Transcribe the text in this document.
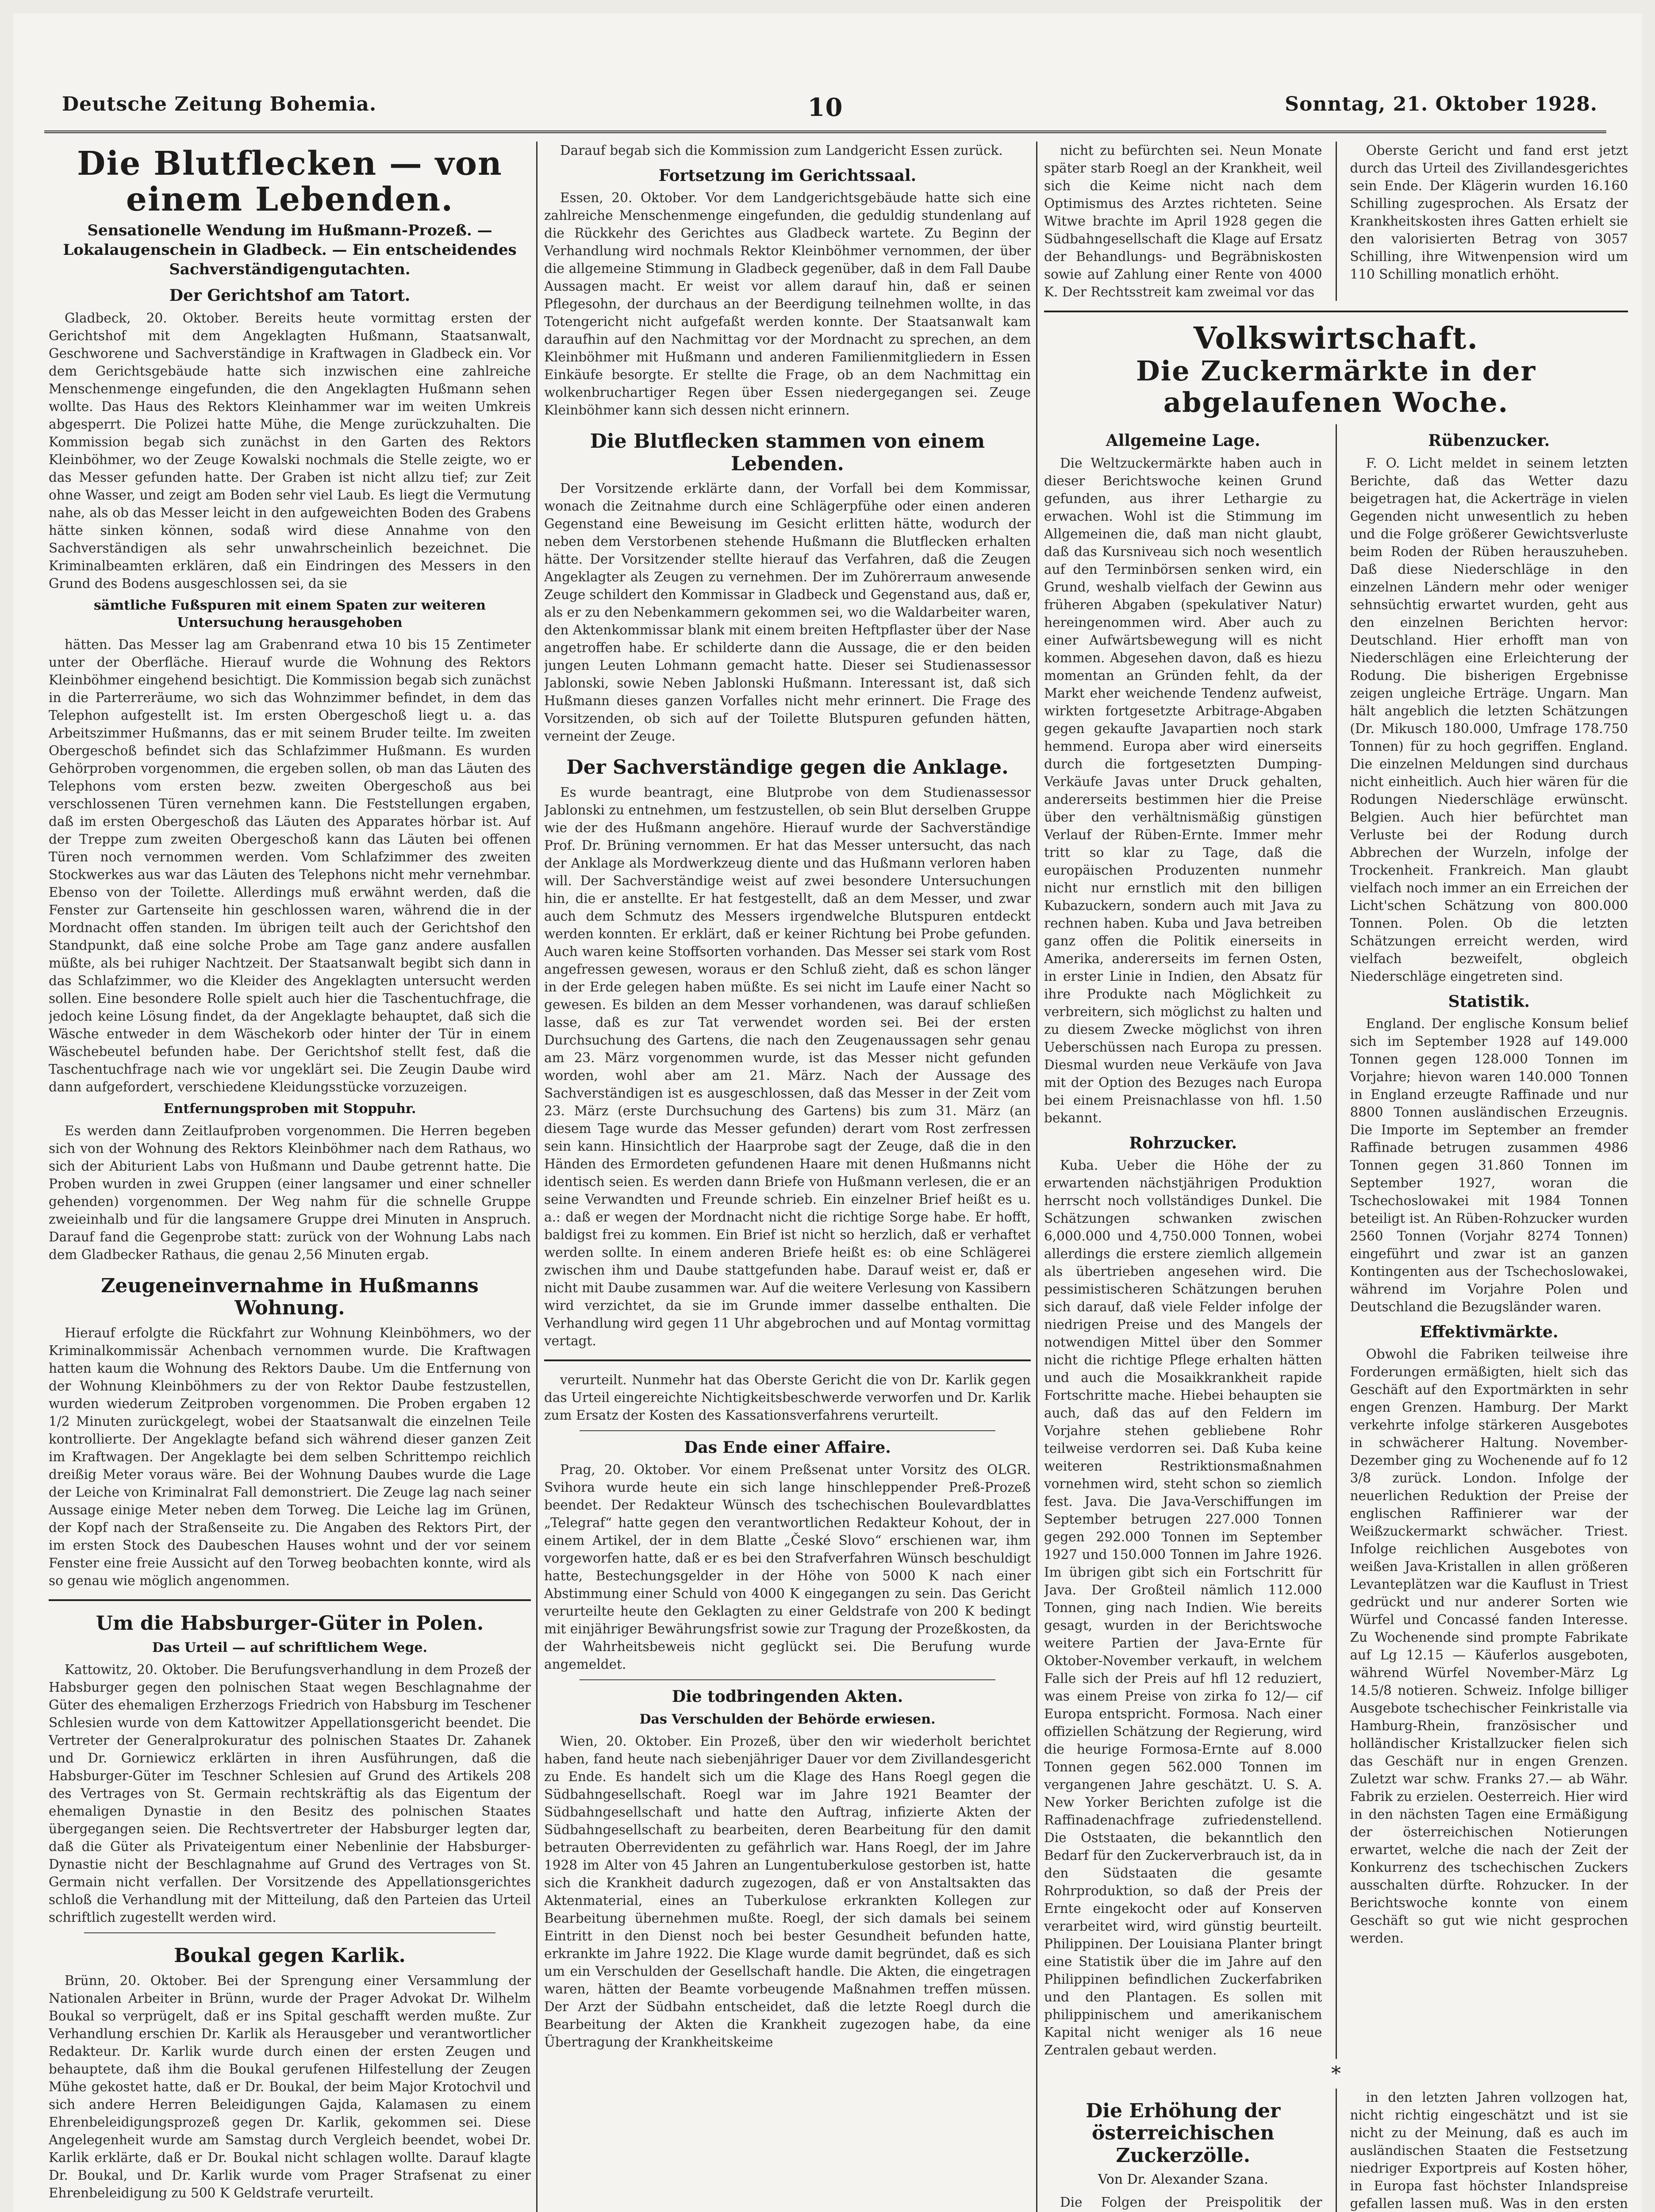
Deutsche Zeitung Bohemia.	10	Sonntag, 21. Oktober 1928.
Die Blutflecken — von einem Lebenden.
Sensationelle Wendung im Hußmann-Prozeß. — Lokalaugenschein in Gladbeck. — Ein entscheidendes Sachverständigengutachten.
Der Gerichtshof am Tatort.

Gladbeck, 20. Oktober. Bereits heute vormittag ersten der Gerichtshof mit dem Angeklagten Hußmann, Staatsanwalt, Geschworene und Sachverständige in Kraftwagen in Gladbeck ein. Vor dem Gerichtsgebäude hatte sich inzwischen eine zahlreiche Menschenmenge eingefunden, die den Angeklagten Hußmann sehen wollte. Das Haus des Rektors Kleinhammer war im weiten Umkreis abgesperrt. Die Polizei hatte Mühe, die Menge zurückzuhalten. Die Kommission begab sich zunächst in den Garten des Rektors Kleinböhmer, wo der Zeuge Kowalski nochmals die Stelle zeigte, wo er das Messer gefunden hatte. Der Graben ist nicht allzu tief; zur Zeit ohne Wasser, und zeigt am Boden sehr viel Laub. Es liegt die Vermutung nahe, als ob das Messer leicht in den aufgeweichten Boden des Grabens hätte sinken können, sodaß wird diese Annahme von den Sachverständigen als sehr unwahrscheinlich bezeichnet. Die Kriminalbeamten erklären, daß ein Eindringen des Messers in den Grund des Bodens ausgeschlossen sei, da sie

sämtliche Fußspuren mit einem Spaten zur weiteren Untersuchung herausgehoben

hätten. Das Messer lag am Grabenrand etwa 10 bis 15 Zentimeter unter der Oberfläche. Hierauf wurde die Wohnung des Rektors Kleinböhmer eingehend besichtigt. Die Kommission begab sich zunächst in die Parterreräume, wo sich das Wohnzimmer befindet, in dem das Telephon aufgestellt ist. Im ersten Obergeschoß liegt u. a. das Arbeitszimmer Hußmanns, das er mit seinem Bruder teilte. Im zweiten Obergeschoß befindet sich das Schlafzimmer Hußmann. Es wurden Gehörproben vorgenommen, die ergeben sollen, ob man das Läuten des Telephons vom ersten bezw. zweiten Obergeschoß aus bei verschlossenen Türen vernehmen kann. Die Feststellungen ergaben, daß im ersten Obergeschoß das Läuten des Apparates hörbar ist. Auf der Treppe zum zweiten Obergeschoß kann das Läuten bei offenen Türen noch vernommen werden. Vom Schlafzimmer des zweiten Stockwerkes aus war das Läuten des Telephons nicht mehr vernehmbar. Ebenso von der Toilette. Allerdings muß erwähnt werden, daß die Fenster zur Gartenseite hin geschlossen waren, während die in der Mordnacht offen standen. Im übrigen teilt auch der Gerichtshof den Standpunkt, daß eine solche Probe am Tage ganz andere ausfallen müßte, als bei ruhiger Nachtzeit. Der Staatsanwalt begibt sich dann in das Schlafzimmer, wo die Kleider des Angeklagten untersucht werden sollen. Eine besondere Rolle spielt auch hier die Taschentuchfrage, die jedoch keine Lösung findet, da der Angeklagte behauptet, daß sich die Wäsche entweder in dem Wäschekorb oder hinter der Tür in einem Wäschebeutel befunden habe. Der Gerichtshof stellt fest, daß die Taschentuchfrage nach wie vor ungeklärt sei. Die Zeugin Daube wird dann aufgefordert, verschiedene Kleidungsstücke vorzuzeigen.

Entfernungsproben mit Stoppuhr.

Es werden dann Zeitlaufproben vorgenommen. Die Herren begeben sich von der Wohnung des Rektors Kleinböhmer nach dem Rathaus, wo sich der Abiturient Labs von Hußmann und Daube getrennt hatte. Die Proben wurden in zwei Gruppen (einer langsamer und einer schneller gehenden) vorgenommen. Der Weg nahm für die schnelle Gruppe zweieinhalb und für die langsamere Gruppe drei Minuten in Anspruch. Darauf fand die Gegenprobe statt: zurück von der Wohnung Labs nach dem Gladbecker Rathaus, die genau 2,56 Minuten ergab.

Zeugeneinvernahme in Hußmanns Wohnung.

Hierauf erfolgte die Rückfahrt zur Wohnung Kleinböhmers, wo der Kriminalkommissär Achenbach vernommen wurde. Die Kraftwagen hatten kaum die Wohnung des Rektors Daube. Um die Entfernung von der Wohnung Kleinböhmers zu der von Rektor Daube festzustellen, wurden wiederum Zeitproben vorgenommen. Die Proben ergaben 12 1/2 Minuten zurückgelegt, wobei der Staatsanwalt die einzelnen Teile kontrollierte. Der Angeklagte befand sich während dieser ganzen Zeit im Kraftwagen. Der Angeklagte bei dem selben Schrittempo reichlich dreißig Meter voraus wäre. Bei der Wohnung Daubes wurde die Lage der Leiche von Kriminalrat Fall demonstriert. Die Zeuge lag nach seiner Aussage einige Meter neben dem Torweg. Die Leiche lag im Grünen, der Kopf nach der Straßenseite zu. Die Angaben des Rektors Pirt, der im ersten Stock des Daubeschen Hauses wohnt und der vor seinem Fenster eine freie Aussicht auf den Torweg beobachten konnte, wird als so genau wie möglich angenommen.

Um die Habsburger-Güter in Polen.
Das Urteil — auf schriftlichem Wege.

Kattowitz, 20. Oktober. Die Berufungsverhandlung in dem Prozeß der Habsburger gegen den polnischen Staat wegen Beschlagnahme der Güter des ehemaligen Erzherzogs Friedrich von Habsburg im Teschener Schlesien wurde von dem Kattowitzer Appellationsgericht beendet. Die Vertreter der Generalprokuratur des polnischen Staates Dr. Zahanek und Dr. Gorniewicz erklärten in ihren Ausführungen, daß die Habsburger-Güter im Teschner Schlesien auf Grund des Artikels 208 des Vertrages von St. Germain rechtskräftig als das Eigentum der ehemaligen Dynastie in den Besitz des polnischen Staates übergegangen seien. Die Rechtsvertreter der Habsburger legten dar, daß die Güter als Privateigentum einer Nebenlinie der Habsburger-Dynastie nicht der Beschlagnahme auf Grund des Vertrages von St. Germain nicht verfallen. Der Vorsitzende des Appellationsgerichtes schloß die Verhandlung mit der Mitteilung, daß den Parteien das Urteil schriftlich zugestellt werden wird.

Boukal gegen Karlik.

Brünn, 20. Oktober. Bei der Sprengung einer Versammlung der Nationalen Arbeiter in Brünn, wurde der Prager Advokat Dr. Wilhelm Boukal so verprügelt, daß er ins Spital geschafft werden mußte. Zur Verhandlung erschien Dr. Karlik als Herausgeber und verantwortlicher Redakteur. Dr. Karlik wurde durch einen der ersten Zeugen und behauptete, daß ihm die Boukal gerufenen Hilfestellung der Zeugen Mühe gekostet hatte, daß er Dr. Boukal, der beim Major Krotochvil und sich andere Herren Beleidigungen Gajda, Kalamasen zu einem Ehrenbeleidigungsprozeß gegen Dr. Karlik, gekommen sei. Diese Angelegenheit wurde am Samstag durch Vergleich beendet, wobei Dr. Karlik erklärte, daß er Dr. Boukal nicht schlagen wollte. Darauf klagte Dr. Boukal, und Dr. Karlik wurde vom Prager Strafsenat zu einer Ehrenbeleidigung zu 500 K Geldstrafe verurteilt.

Darauf begab sich die Kommission zum Landgericht Essen zurück.

Fortsetzung im Gerichtssaal.

Essen, 20. Oktober. Vor dem Landgerichtsgebäude hatte sich eine zahlreiche Menschenmenge eingefunden, die geduldig stundenlang auf die Rückkehr des Gerichtes aus Gladbeck wartete. Zu Beginn der Verhandlung wird nochmals Rektor Kleinböhmer vernommen, der über die allgemeine Stimmung in Gladbeck gegenüber, daß in dem Fall Daube Aussagen macht. Er weist vor allem darauf hin, daß er seinen Pflegesohn, der durchaus an der Beerdigung teilnehmen wollte, in das Totengericht nicht aufgefaßt werden konnte. Der Staatsanwalt kam daraufhin auf den Nachmittag vor der Mordnacht zu sprechen, an dem Kleinböhmer mit Hußmann und anderen Familienmitgliedern in Essen Einkäufe besorgte. Er stellte die Frage, ob an dem Nachmittag ein wolkenbruchartiger Regen über Essen niedergegangen sei. Zeuge Kleinböhmer kann sich dessen nicht erinnern.

Die Blutflecken stammen von einem Lebenden.

Der Vorsitzende erklärte dann, der Vorfall bei dem Kommissar, wonach die Zeitnahme durch eine Schlägerpfühe oder einen anderen Gegenstand eine Beweisung im Gesicht erlitten hätte, wodurch der neben dem Verstorbenen stehende Hußmann die Blutflecken erhalten hätte. Der Vorsitzender stellte hierauf das Verfahren, daß die Zeugen Angeklagter als Zeugen zu vernehmen. Der im Zuhörerraum anwesende Zeuge schildert den Kommissar in Gladbeck und Gegenstand aus, daß er, als er zu den Nebenkammern gekommen sei, wo die Waldarbeiter waren, den Aktenkommissar blank mit einem breiten Heftpflaster über der Nase angetroffen habe. Er schilderte dann die Aussage, die er den beiden jungen Leuten Lohmann gemacht hatte. Dieser sei Studienassessor Jablonski, sowie Neben Jablonski Hußmann. Interessant ist, daß sich Hußmann dieses ganzen Vorfalles nicht mehr erinnert. Die Frage des Vorsitzenden, ob sich auf der Toilette Blutspuren gefunden hätten, verneint der Zeuge.

Der Sachverständige gegen die Anklage.

Es wurde beantragt, eine Blutprobe von dem Studienassessor Jablonski zu entnehmen, um festzustellen, ob sein Blut derselben Gruppe wie der des Hußmann angehöre. Hierauf wurde der Sachverständige Prof. Dr. Brüning vernommen. Er hat das Messer untersucht, das nach der Anklage als Mordwerkzeug diente und das Hußmann verloren haben will. Der Sachverständige weist auf zwei besondere Untersuchungen hin, die er anstellte. Er hat festgestellt, daß an dem Messer, und zwar auch dem Schmutz des Messers irgendwelche Blutspuren entdeckt werden konnten. Er erklärt, daß er keiner Richtung bei Probe gefunden. Auch waren keine Stoffsorten vorhanden. Das Messer sei stark vom Rost angefressen gewesen, woraus er den Schluß zieht, daß es schon länger in der Erde gelegen haben müßte. Es sei nicht im Laufe einer Nacht so gewesen. Es bilden an dem Messer vorhandenen, was darauf schließen lasse, daß es zur Tat verwendet worden sei. Bei der ersten Durchsuchung des Gartens, die nach den Zeugenaussagen sehr genau am 23. März vorgenommen wurde, ist das Messer nicht gefunden worden, wohl aber am 21. März. Nach der Aussage des Sachverständigen ist es ausgeschlossen, daß das Messer in der Zeit vom 23. März (erste Durchsuchung des Gartens) bis zum 31. März (an diesem Tage wurde das Messer gefunden) derart vom Rost zerfressen sein kann. Hinsichtlich der Haarprobe sagt der Zeuge, daß die in den Händen des Ermordeten gefundenen Haare mit denen Hußmanns nicht identisch seien. Es werden dann Briefe von Hußmann verlesen, die er an seine Verwandten und Freunde schrieb. Ein einzelner Brief heißt es u. a.: daß er wegen der Mordnacht nicht die richtige Sorge habe. Er hofft, baldigst frei zu kommen. Ein Brief ist nicht so herzlich, daß er verhaftet werden sollte. In einem anderen Briefe heißt es: ob eine Schlägerei zwischen ihm und Daube stattgefunden habe. Darauf weist er, daß er nicht mit Daube zusammen war. Auf die weitere Verlesung von Kassibern wird verzichtet, da sie im Grunde immer dasselbe enthalten. Die Verhandlung wird gegen 11 Uhr abgebrochen und auf Montag vormittag vertagt.

verurteilt. Nunmehr hat das Oberste Gericht die von Dr. Karlik gegen das Urteil eingereichte Nichtigkeitsbeschwerde verworfen und Dr. Karlik zum Ersatz der Kosten des Kassationsverfahrens verurteilt.

Das Ende einer Affaire.

Prag, 20. Oktober. Vor einem Preßsenat unter Vorsitz des OLGR. Svihora wurde heute ein sich lange hinschleppender Preß-Prozeß beendet. Der Redakteur Wünsch des tschechischen Boulevardblattes „Telegraf“ hatte gegen den verantwortlichen Redakteur Kohout, der in einem Artikel, der in dem Blatte „České Slovo“ erschienen war, ihm vorgeworfen hatte, daß er es bei den Strafverfahren Wünsch beschuldigt hatte, Bestechungsgelder in der Höhe von 5000 K nach einer Abstimmung einer Schuld von 4000 K eingegangen zu sein. Das Gericht verurteilte heute den Geklagten zu einer Geldstrafe von 200 K bedingt mit einjähriger Bewährungsfrist sowie zur Tragung der Prozeßkosten, da der Wahrheitsbeweis nicht geglückt sei. Die Berufung wurde angemeldet.

Die todbringenden Akten.
Das Verschulden der Behörde erwiesen.

Wien, 20. Oktober. Ein Prozeß, über den wir wiederholt berichtet haben, fand heute nach siebenjähriger Dauer vor dem Zivillandesgericht zu Ende. Es handelt sich um die Klage des Hans Roegl gegen die Südbahngesellschaft. Roegl war im Jahre 1921 Beamter der Südbahngesellschaft und hatte den Auftrag, infizierte Akten der Südbahngesellschaft zu bearbeiten, deren Bearbeitung für den damit betrauten Oberrevidenten zu gefährlich war. Hans Roegl, der im Jahre 1928 im Alter von 45 Jahren an Lungentuberkulose gestorben ist, hatte sich die Krankheit dadurch zugezogen, daß er von Anstaltsakten das Aktenmaterial, eines an Tuberkulose erkrankten Kollegen zur Bearbeitung übernehmen mußte. Roegl, der sich damals bei seinem Eintritt in den Dienst noch bei bester Gesundheit befunden hatte, erkrankte im Jahre 1922. Die Klage wurde damit begründet, daß es sich um ein Verschulden der Gesellschaft handle. Die Akten, die eingetragen waren, hätten der Beamte vorbeugende Maßnahmen treffen müssen. Der Arzt der Südbahn entscheidet, daß die letzte Roegl durch die Bearbeitung der Akten die Krankheit zugezogen habe, da eine Übertragung der Krankheitskeime

nicht zu befürchten sei. Neun Monate später starb Roegl an der Krankheit, weil sich die Keime nicht nach dem Optimismus des Arztes richteten. Seine Witwe brachte im April 1928 gegen die Südbahngesellschaft die Klage auf Ersatz der Behandlungs- und Begräbniskosten sowie auf Zahlung einer Rente von 4000 K. Der Rechtsstreit kam zweimal vor das

Oberste Gericht und fand erst jetzt durch das Urteil des Zivillandesgerichtes sein Ende. Der Klägerin wurden 16.160 Schilling zugesprochen. Als Ersatz der Krankheitskosten ihres Gatten erhielt sie den valorisierten Betrag von 3057 Schilling, ihre Witwenpension wird um 110 Schilling monatlich erhöht.

Volkswirtschaft.
Die Zuckermärkte in der abgelaufenen Woche.
Allgemeine Lage.

Die Weltzuckermärkte haben auch in dieser Berichtswoche keinen Grund gefunden, aus ihrer Lethargie zu erwachen. Wohl ist die Stimmung im Allgemeinen die, daß man nicht glaubt, daß das Kursniveau sich noch wesentlich auf den Terminbörsen senken wird, ein Grund, weshalb vielfach der Gewinn aus früheren Abgaben (spekulativer Natur) hereingenommen wird. Aber auch zu einer Aufwärtsbewegung will es nicht kommen. Abgesehen davon, daß es hiezu momentan an Gründen fehlt, da der Markt eher weichende Tendenz aufweist, wirkten fortgesetzte Arbitrage-Abgaben gegen gekaufte Javapartien noch stark hemmend. Europa aber wird einerseits durch die fortgesetzten Dumping-Verkäufe Javas unter Druck gehalten, andererseits bestimmen hier die Preise über den verhältnismäßig günstigen Verlauf der Rüben-Ernte. Immer mehr tritt so klar zu Tage, daß die europäischen Produzenten nunmehr nicht nur ernstlich mit den billigen Kubazuckern, sondern auch mit Java zu rechnen haben. Kuba und Java betreiben ganz offen die Politik einerseits in Amerika, andererseits im fernen Osten, in erster Linie in Indien, den Absatz für ihre Produkte nach Möglichkeit zu verbreitern, sich möglichst zu halten und zu diesem Zwecke möglichst von ihren Ueberschüssen nach Europa zu pressen. Diesmal wurden neue Verkäufe von Java mit der Option des Bezuges nach Europa bei einem Preisnachlasse von hfl. 1.50 bekannt.

Rohrzucker.

Kuba. Ueber die Höhe der zu erwartenden nächstjährigen Produktion herrscht noch vollständiges Dunkel. Die Schätzungen schwanken zwischen 6,000.000 und 4,750.000 Tonnen, wobei allerdings die erstere ziemlich allgemein als übertrieben angesehen wird. Die pessimistischeren Schätzungen beruhen sich darauf, daß viele Felder infolge der niedrigen Preise und des Mangels der notwendigen Mittel über den Sommer nicht die richtige Pflege erhalten hätten und auch die Mosaikkrankheit rapide Fortschritte mache. Hiebei behaupten sie auch, daß das auf den Feldern im Vorjahre stehen gebliebene Rohr teilweise verdorren sei. Daß Kuba keine weiteren Restriktionsmaßnahmen vornehmen wird, steht schon so ziemlich fest. Java. Die Java-Verschiffungen im September betrugen 227.000 Tonnen gegen 292.000 Tonnen im September 1927 und 150.000 Tonnen im Jahre 1926. Im übrigen gibt sich ein Fortschritt für Java. Der Großteil nämlich 112.000 Tonnen, ging nach Indien. Wie bereits gesagt, wurden in der Berichtswoche weitere Partien der Java-Ernte für Oktober-November verkauft, in welchem Falle sich der Preis auf hfl 12 reduziert, was einem Preise von zirka fo 12/— cif Europa entspricht. Formosa. Nach einer offiziellen Schätzung der Regierung, wird die heurige Formosa-Ernte auf 8.000 Tonnen gegen 562.000 Tonnen im vergangenen Jahre geschätzt. U. S. A. New Yorker Berichten zufolge ist die Raffinadenachfrage zufriedenstellend. Die Oststaaten, die bekanntlich den Bedarf für den Zuckerverbrauch ist, da in den Südstaaten die gesamte Rohrproduktion, so daß der Preis der Ernte eingekocht oder auf Konserven verarbeitet wird, wird günstig beurteilt. Philippinen. Der Louisiana Planter bringt eine Statistik über die im Jahre auf den Philippinen befindlichen Zuckerfabriken und den Plantagen. Es sollen mit philippinischem und amerikanischem Kapital nicht weniger als 16 neue Zentralen gebaut werden.

Rübenzucker.

F. O. Licht meldet in seinem letzten Berichte, daß das Wetter dazu beigetragen hat, die Ackerträge in vielen Gegenden nicht unwesentlich zu heben und die Folge größerer Gewichtsverluste beim Roden der Rüben herauszuheben. Daß diese Niederschläge in den einzelnen Ländern mehr oder weniger sehnsüchtig erwartet wurden, geht aus den einzelnen Berichten hervor: Deutschland. Hier erhofft man von Niederschlägen eine Erleichterung der Rodung. Die bisherigen Ergebnisse zeigen ungleiche Erträge. Ungarn. Man hält angeblich die letzten Schätzungen (Dr. Mikusch 180.000, Umfrage 178.750 Tonnen) für zu hoch gegriffen. England. Die einzelnen Meldungen sind durchaus nicht einheitlich. Auch hier wären für die Rodungen Niederschläge erwünscht. Belgien. Auch hier befürchtet man Verluste bei der Rodung durch Abbrechen der Wurzeln, infolge der Trockenheit. Frankreich. Man glaubt vielfach noch immer an ein Erreichen der Licht'schen Schätzung von 800.000 Tonnen. Polen. Ob die letzten Schätzungen erreicht werden, wird vielfach bezweifelt, obgleich Niederschläge eingetreten sind.

Statistik.

England. Der englische Konsum belief sich im September 1928 auf 149.000 Tonnen gegen 128.000 Tonnen im Vorjahre; hievon waren 140.000 Tonnen in England erzeugte Raffinade und nur 8800 Tonnen ausländischen Erzeugnis. Die Importe im September an fremder Raffinade betrugen zusammen 4986 Tonnen gegen 31.860 Tonnen im September 1927, woran die Tschechoslowakei mit 1984 Tonnen beteiligt ist. An Rüben-Rohzucker wurden 2560 Tonnen (Vorjahr 8274 Tonnen) eingeführt und zwar ist an ganzen Kontingenten aus der Tschechoslowakei, während im Vorjahre Polen und Deutschland die Bezugsländer waren.

Effektivmärkte.

Obwohl die Fabriken teilweise ihre Forderungen ermäßigten, hielt sich das Geschäft auf den Exportmärkten in sehr engen Grenzen. Hamburg. Der Markt verkehrte infolge stärkeren Ausgebotes in schwächerer Haltung. November-Dezember ging zu Wochenende auf fo 12 3/8 zurück. London. Infolge der neuerlichen Reduktion der Preise der englischen Raffinierer war der Weißzuckermarkt schwächer. Triest. Infolge reichlichen Ausgebotes von weißen Java-Kristallen in allen größeren Levanteplätzen war die Kauflust in Triest gedrückt und nur anderer Sorten wie Würfel und Concassé fanden Interesse. Zu Wochenende sind prompte Fabrikate auf Lg 12.15 — Käuferlos ausgeboten, während Würfel November-März Lg 14.5/8 notieren. Schweiz. Infolge billiger Ausgebote tschechischer Feinkristalle via Hamburg-Rhein, französischer und holländischer Kristallzucker fielen sich das Geschäft nur in engen Grenzen. Zuletzt war schw. Franks 27.— ab Währ. Fabrik zu erzielen. Oesterreich. Hier wird in den nächsten Tagen eine Ermäßigung der österreichischen Notierungen erwartet, welche die nach der Zeit der Konkurrenz des tschechischen Zuckers ausschalten dürfte. Rohzucker. In der Berichtswoche konnte von einem Geschäft so gut wie nicht gesprochen werden.

*
Die Erhöhung der österreichischen Zuckerzölle.
Von Dr. Alexander Szana.

Die Folgen der Preispolitik der

in den letzten Jahren vollzogen hat, nicht richtig eingeschätzt und ist sie nicht zu der Meinung, daß es auch im ausländischen Staaten die Festsetzung niedriger Exportpreis auf Kosten höher, in Europa fast höchster Inlandspreise gefallen lassen muß. Was in den ersten
